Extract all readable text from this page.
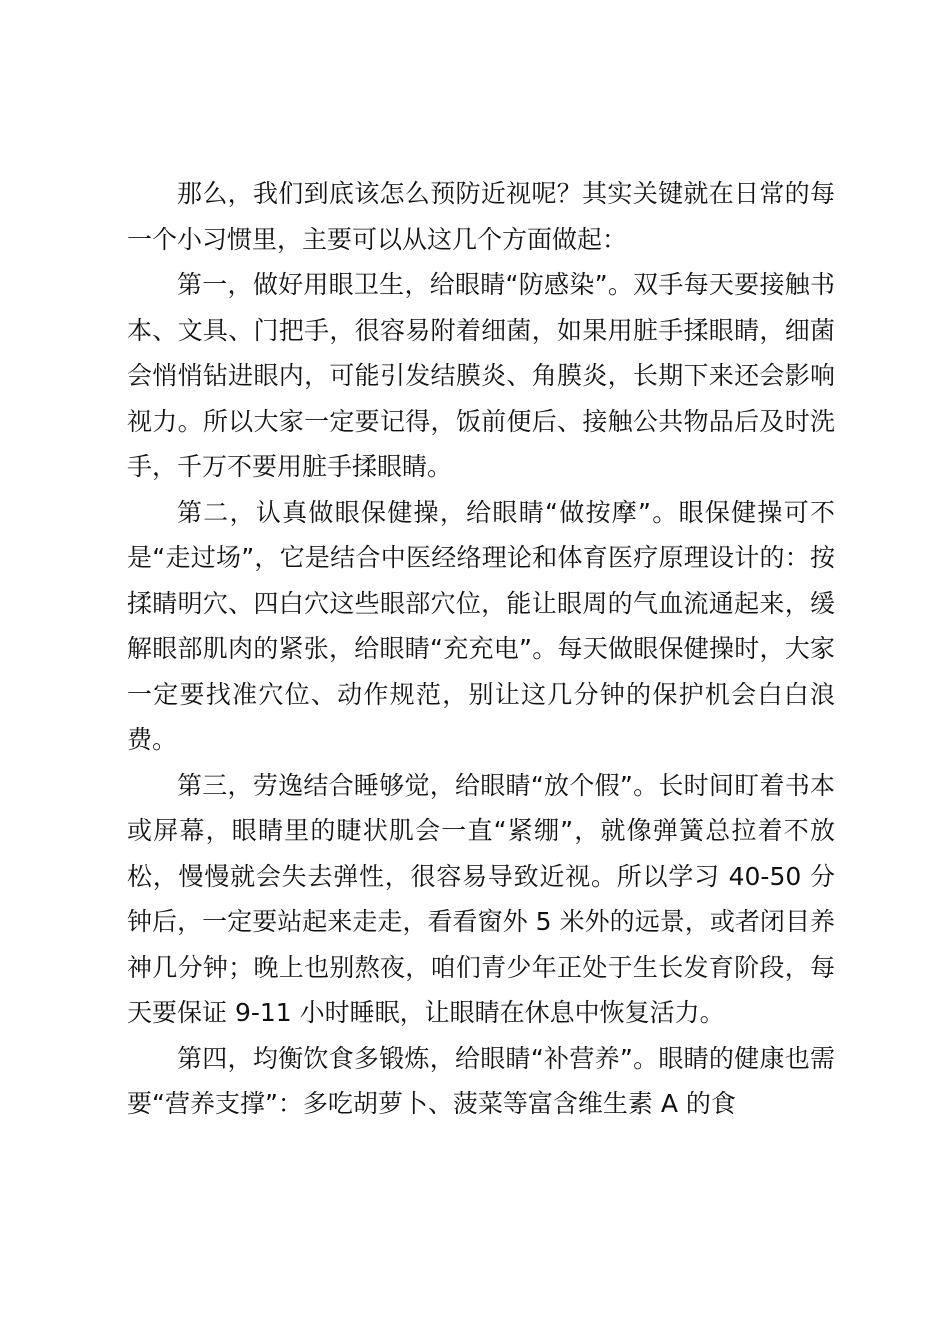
那么，我们到底该怎么预防近视呢？其实关键就在日常的每一个小习惯里，主要可以从这几个方面做起：

第一，做好用眼卫生，给眼睛“防感染”。双手每天要接触书本、文具、门把手，很容易附着细菌，如果用脏手揉眼睛，细菌会悄悄钻进眼内，可能引发结膜炎、角膜炎，长期下来还会影响视力。所以大家一定要记得，饭前便后、接触公共物品后及时洗手，千万不要用脏手揉眼睛。

第二，认真做眼保健操，给眼睛“做按摩”。眼保健操可不是“走过场”，它是结合中医经络理论和体育医疗原理设计的：按揉睛明穴、四白穴这些眼部穴位，能让眼周的气血流通起来，缓解眼部肌肉的紧张，给眼睛“充充电”。每天做眼保健操时，大家一定要找准穴位、动作规范，别让这几分钟的保护机会白白浪费。

第三，劳逸结合睡够觉，给眼睛“放个假”。长时间盯着书本或屏幕，眼睛里的睫状肌会一直“紧绷”，就像弹簧总拉着不放松，慢慢就会失去弹性，很容易导致近视。所以学习 40-50 分钟后，一定要站起来走走，看看窗外 5 米外的远景，或者闭目养神几分钟；晚上也别熬夜，咱们青少年正处于生长发育阶段，每天要保证 9-11 小时睡眠，让眼睛在休息中恢复活力。

第四，均衡饮食多锻炼，给眼睛“补营养”。眼睛的健康也需要“营养支撑”：多吃胡萝卜、菠菜等富含维生素 A 的食
